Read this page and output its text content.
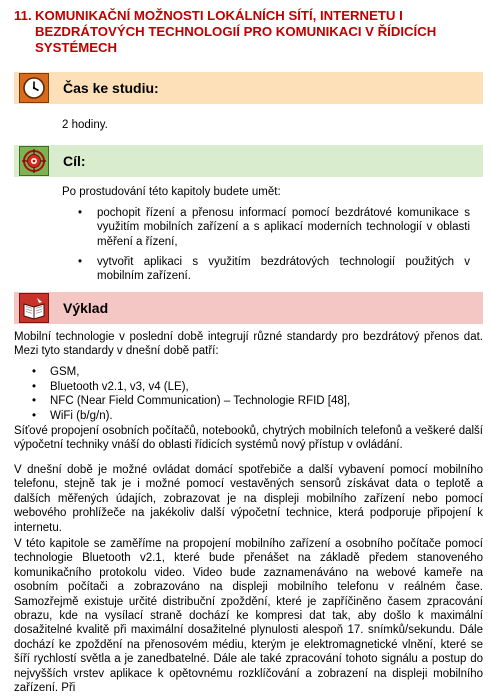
11. KOMUNIKAČNÍ MOŽNOSTI LOKÁLNÍCH SÍTÍ, INTERNETU I BEZDRÁTOVÝCH TECHNOLOGIÍ PRO KOMUNIKACI V ŘÍDICÍCH SYSTÉMECH
Čas ke studiu:
2 hodiny.
Cíl:
Po prostudování této kapitoly budete umět:
•	pochopit řízení a přenosu informací pomocí bezdrátové komunikace s využitím mobilních zařízení a s aplikací moderních technologií v oblasti měření a řízení,
•	vytvořit aplikaci s využitím bezdrátových technologií použitých v mobilním zařízení.
Výklad
Mobilní technologie v poslední době integrují různé standardy pro bezdrátový přenos dat. Mezi tyto standardy v dnešní době patří:
•	GSM,
•	Bluetooth v2.1, v3, v4 (LE),
•	NFC (Near Field Communication) – Technologie RFID [48],
•	WiFi (b/g/n).
Síťové propojení osobních počítačů, notebooků, chytrých mobilních telefonů a veškeré další výpočetní techniky vnáší do oblasti řídicích systémů nový přístup v ovládání.
V dnešní době je možné ovládat domácí spotřebiče a další vybavení pomocí mobilního telefonu, stejně tak je i možné pomocí vestavěných sensorů získávat data o teplotě a dalších měřených údajích, zobrazovat je na displeji mobilního zařízení nebo pomocí webového prohlížeče na jakékoliv další výpočetní technice, která podporuje připojení k internetu.
V této kapitole se zaměříme na propojení mobilního zařízení a osobního počítače pomocí technologie Bluetooth v2.1, které bude přenášet na základě předem stanoveného komunikačního protokolu video. Video bude zaznamenáváno na webové kameře na osobním počítači a zobrazováno na displeji mobilního telefonu v reálném čase. Samozřejmě existuje určité distribuční zpoždění, které je zapříčiněno časem zpracování obrazu, kde na vysílací straně dochází ke kompresi dat tak, aby došlo k maximální dosažitelné kvalitě při maximální dosažitelné plynulosti alespoň 17. snímků/sekundu. Dále dochází ke zpoždění na přenosovém médiu, kterým je elektromagnetické vlnění, které se šíří rychlostí světla a je zanedbatelné. Dále ale také zpracování tohoto signálu a postup do nejvyšších vrstev aplikace k opětovnému rozklíčování a zobrazení na displeji mobilního zařízení. Při
